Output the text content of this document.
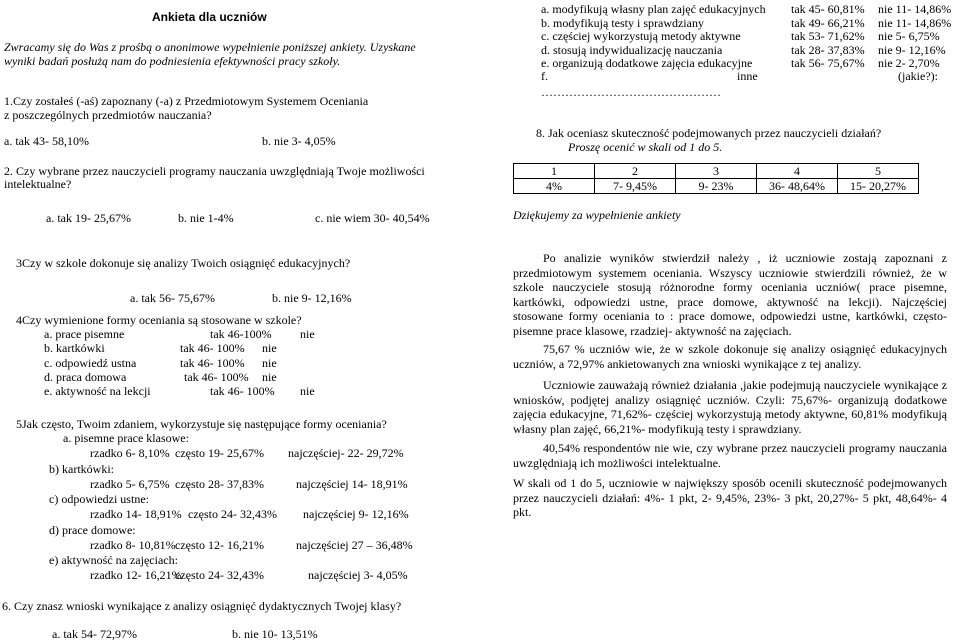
Ankieta dla uczniów
Zwracamy się do Was z prośbą o anonimowe wypełnienie poniższej ankiety. Uzyskane
wyniki badań posłużą nam do podniesienia efektywności pracy szkoły.
1.Czy zostałeś (-aś) zapoznany (-a) z Przedmiotowym Systemem Oceniania
z poszczególnych przedmiotów nauczania?
a. tak 43- 58,10%	b. nie 3- 4,05%
2. Czy wybrane przez nauczycieli programy nauczania uwzględniają Twoje możliwości
intelektualne?
a. tak 19- 25,67%	b. nie 1-4%	c. nie wiem 30- 40,54%
a. modyfikują własny plan zajęć edukacyjnych tak 45- 60,81% nie 11- 14,86%
b. modyfikują testy i sprawdziany	tak 49- 66,21% nie 11- 14,86%
c. częściej wykorzystują metody aktywne	tak 53- 71,62% nie 5- 6,75%
d. stosują indywidualizację nauczania	tak 28- 37,83% nie 9- 12,16%
e. organizują dodatkowe zajęcia edukacyjne	tak 56- 75,67% nie 2- 2,70%
f.	inne	(jakie?):
………………………………………
8. Jak oceniasz skuteczność podejmowanych przez nauczycieli działań?
Proszę ocenić w skali od 1 do 5.
1	2	3	4	5
4%	7- 9,45%	9- 23%	36- 48,64%	15- 20,27%
Dziękujemy za wypełnienie ankiety
3Czy w szkole dokonuje się analizy Twoich osiągnięć edukacyjnych?
a. tak 56- 75,67%	b. nie 9- 12,16%
4Czy wymienione formy oceniania są stosowane w szkole?
a. prace pisemne	tak 46-100% nie
b. kartkówki	tak 46- 100% nie
c. odpowiedź ustna	tak 46- 100% nie
d. praca domowa	tak 46- 100% nie
e. aktywność na lekcji	tak 46- 100% nie
5Jak często, Twoim zdaniem, wykorzystuje się następujące formy oceniania?
a. pisemne prace klasowe:
rzadko 6- 8,10% często 19- 25,67% najczęściej- 22- 29,72%
b) kartkówki:
rzadko 5- 6,75% często 28- 37,83%	najczęściej 14- 18,91%
c) odpowiedzi ustne:
rzadko 14- 18,91% często 24- 32,43% najczęściej 9- 12,16%
d) prace domowe:
rzadko 8- 10,81% często 12- 16,21%	najczęściej 27 – 36,48%
e) aktywność na zajęciach:
rzadko 12- 16,21%
często 24- 32,43%	najczęściej 3- 4,05%
Po analizie wyników stwierdził należy , iż uczniowie zostają zapoznani z przedmiotowym systemem oceniania. Wszyscy uczniowie stwierdzili również, że w szkole nauczyciele stosują różnorodne formy oceniania uczniów( prace pisemne, kartkówki, odpowiedzi ustne, prace domowe, aktywność na lekcji). Najczęściej stosowane formy oceniania to : prace domowe, odpowiedzi ustne, kartkówki, często-pisemne prace klasowe, rzadziej- aktywność na zajęciach.
75,67 % uczniów wie, że w szkole dokonuje się analizy osiągnięć edukacyjnych uczniów, a 72,97% ankietowanych zna wnioski wynikające z tej analizy.
Uczniowie zauważają również działania ,jakie podejmują nauczyciele wynikające z wniosków, podjętej analizy osiągnięć uczniów. Czyli: 75,67%- organizują dodatkowe zajęcia edukacyjne, 71,62%- częściej wykorzystują metody aktywne, 60,81% modyfikują własny plan zajęć, 66,21%- modyfikują testy i sprawdziany.
40,54% respondentów nie wie, czy wybrane przez nauczycieli programy nauczania uwzględniają ich możliwości intelektualne.
W skali od 1 do 5, uczniowie w największy sposób ocenili skuteczność podejmowanych przez nauczycieli działań: 4%- 1 pkt, 2- 9,45%, 23%- 3 pkt, 20,27%- 5 pkt, 48,64%- 4 pkt.
6. Czy znasz wnioski wynikające z analizy osiągnięć dydaktycznych Twojej klasy?
a. tak 54- 72,97%	b. nie 10- 13,51%
